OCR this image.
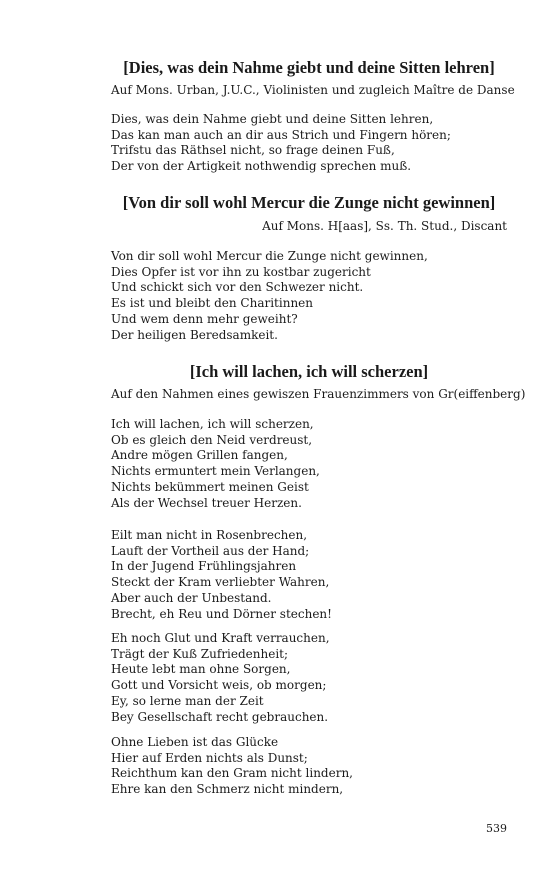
[Dies, was dein Nahme giebt und deine Sitten lehren]
Auf Mons. Urban, J.U.C., Violinisten und zugleich Maître de Danse
Dies, was dein Nahme giebt und deine Sitten lehren,
Das kan man auch an dir aus Strich und Fingern hören;
Trifstu das Räthsel nicht, so frage deinen Fuß,
Der von der Artigkeit nothwendig sprechen muß.
[Von dir soll wohl Mercur die Zunge nicht gewinnen]
Auf Mons. H[aas], Ss. Th. Stud., Discant
Von dir soll wohl Mercur die Zunge nicht gewinnen,
Dies Opfer ist vor ihn zu kostbar zugericht
Und schickt sich vor den Schwezer nicht.
Es ist und bleibt den Charitinnen
Und wem denn mehr geweiht?
Der heiligen Beredsamkeit.
[Ich will lachen, ich will scherzen]
Auf den Nahmen eines gewiszen Frauenzimmers von Gr(eiffenberg)
Ich will lachen, ich will scherzen,
Ob es gleich den Neid verdreust,
Andre mögen Grillen fangen,
Nichts ermuntert mein Verlangen,
Nichts bekümmert meinen Geist
Als der Wechsel treuer Herzen.
Eilt man nicht in Rosenbrechen,
Lauft der Vortheil aus der Hand;
In der Jugend Frühlingsjahren
Steckt der Kram verliebter Wahren,
Aber auch der Unbestand.
Brecht, eh Reu und Dörner stechen!
Eh noch Glut und Kraft verrauchen,
Trägt der Kuß Zufriedenheit;
Heute lebt man ohne Sorgen,
Gott und Vorsicht weis, ob morgen;
Ey, so lerne man der Zeit
Bey Gesellschaft recht gebrauchen.
Ohne Lieben ist das Glücke
Hier auf Erden nichts als Dunst;
Reichthum kan den Gram nicht lindern,
Ehre kan den Schmerz nicht mindern,
539
